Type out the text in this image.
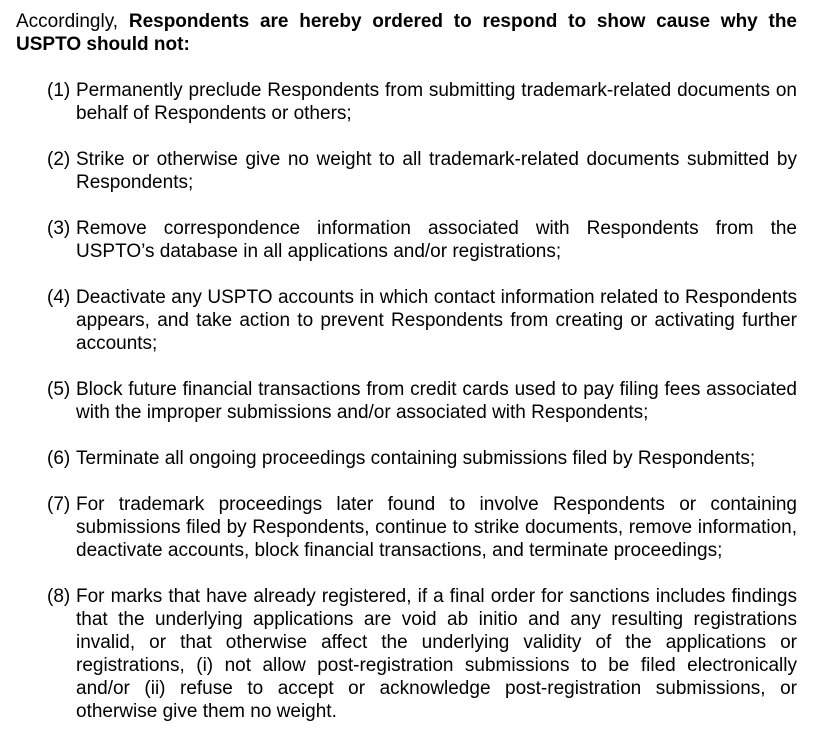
Accordingly, Respondents are hereby ordered to respond to show cause why the USPTO should not:

(1) Permanently preclude Respondents from submitting trademark-related documents on behalf of Respondents or others;
(2) Strike or otherwise give no weight to all trademark-related documents submitted by Respondents;
(3) Remove correspondence information associated with Respondents from the USPTO’s database in all applications and/or registrations;
(4) Deactivate any USPTO accounts in which contact information related to Respondents appears, and take action to prevent Respondents from creating or activating further accounts;
(5) Block future financial transactions from credit cards used to pay filing fees associated with the improper submissions and/or associated with Respondents;
(6) Terminate all ongoing proceedings containing submissions filed by Respondents;
(7) For trademark proceedings later found to involve Respondents or containing submissions filed by Respondents, continue to strike documents, remove information, deactivate accounts, block financial transactions, and terminate proceedings;
(8) For marks that have already registered, if a final order for sanctions includes findings that the underlying applications are void ab initio and any resulting registrations invalid, or that otherwise affect the underlying validity of the applications or registrations, (i) not allow post-registration submissions to be filed electronically and/or (ii) refuse to accept or acknowledge post-registration submissions, or otherwise give them no weight.
